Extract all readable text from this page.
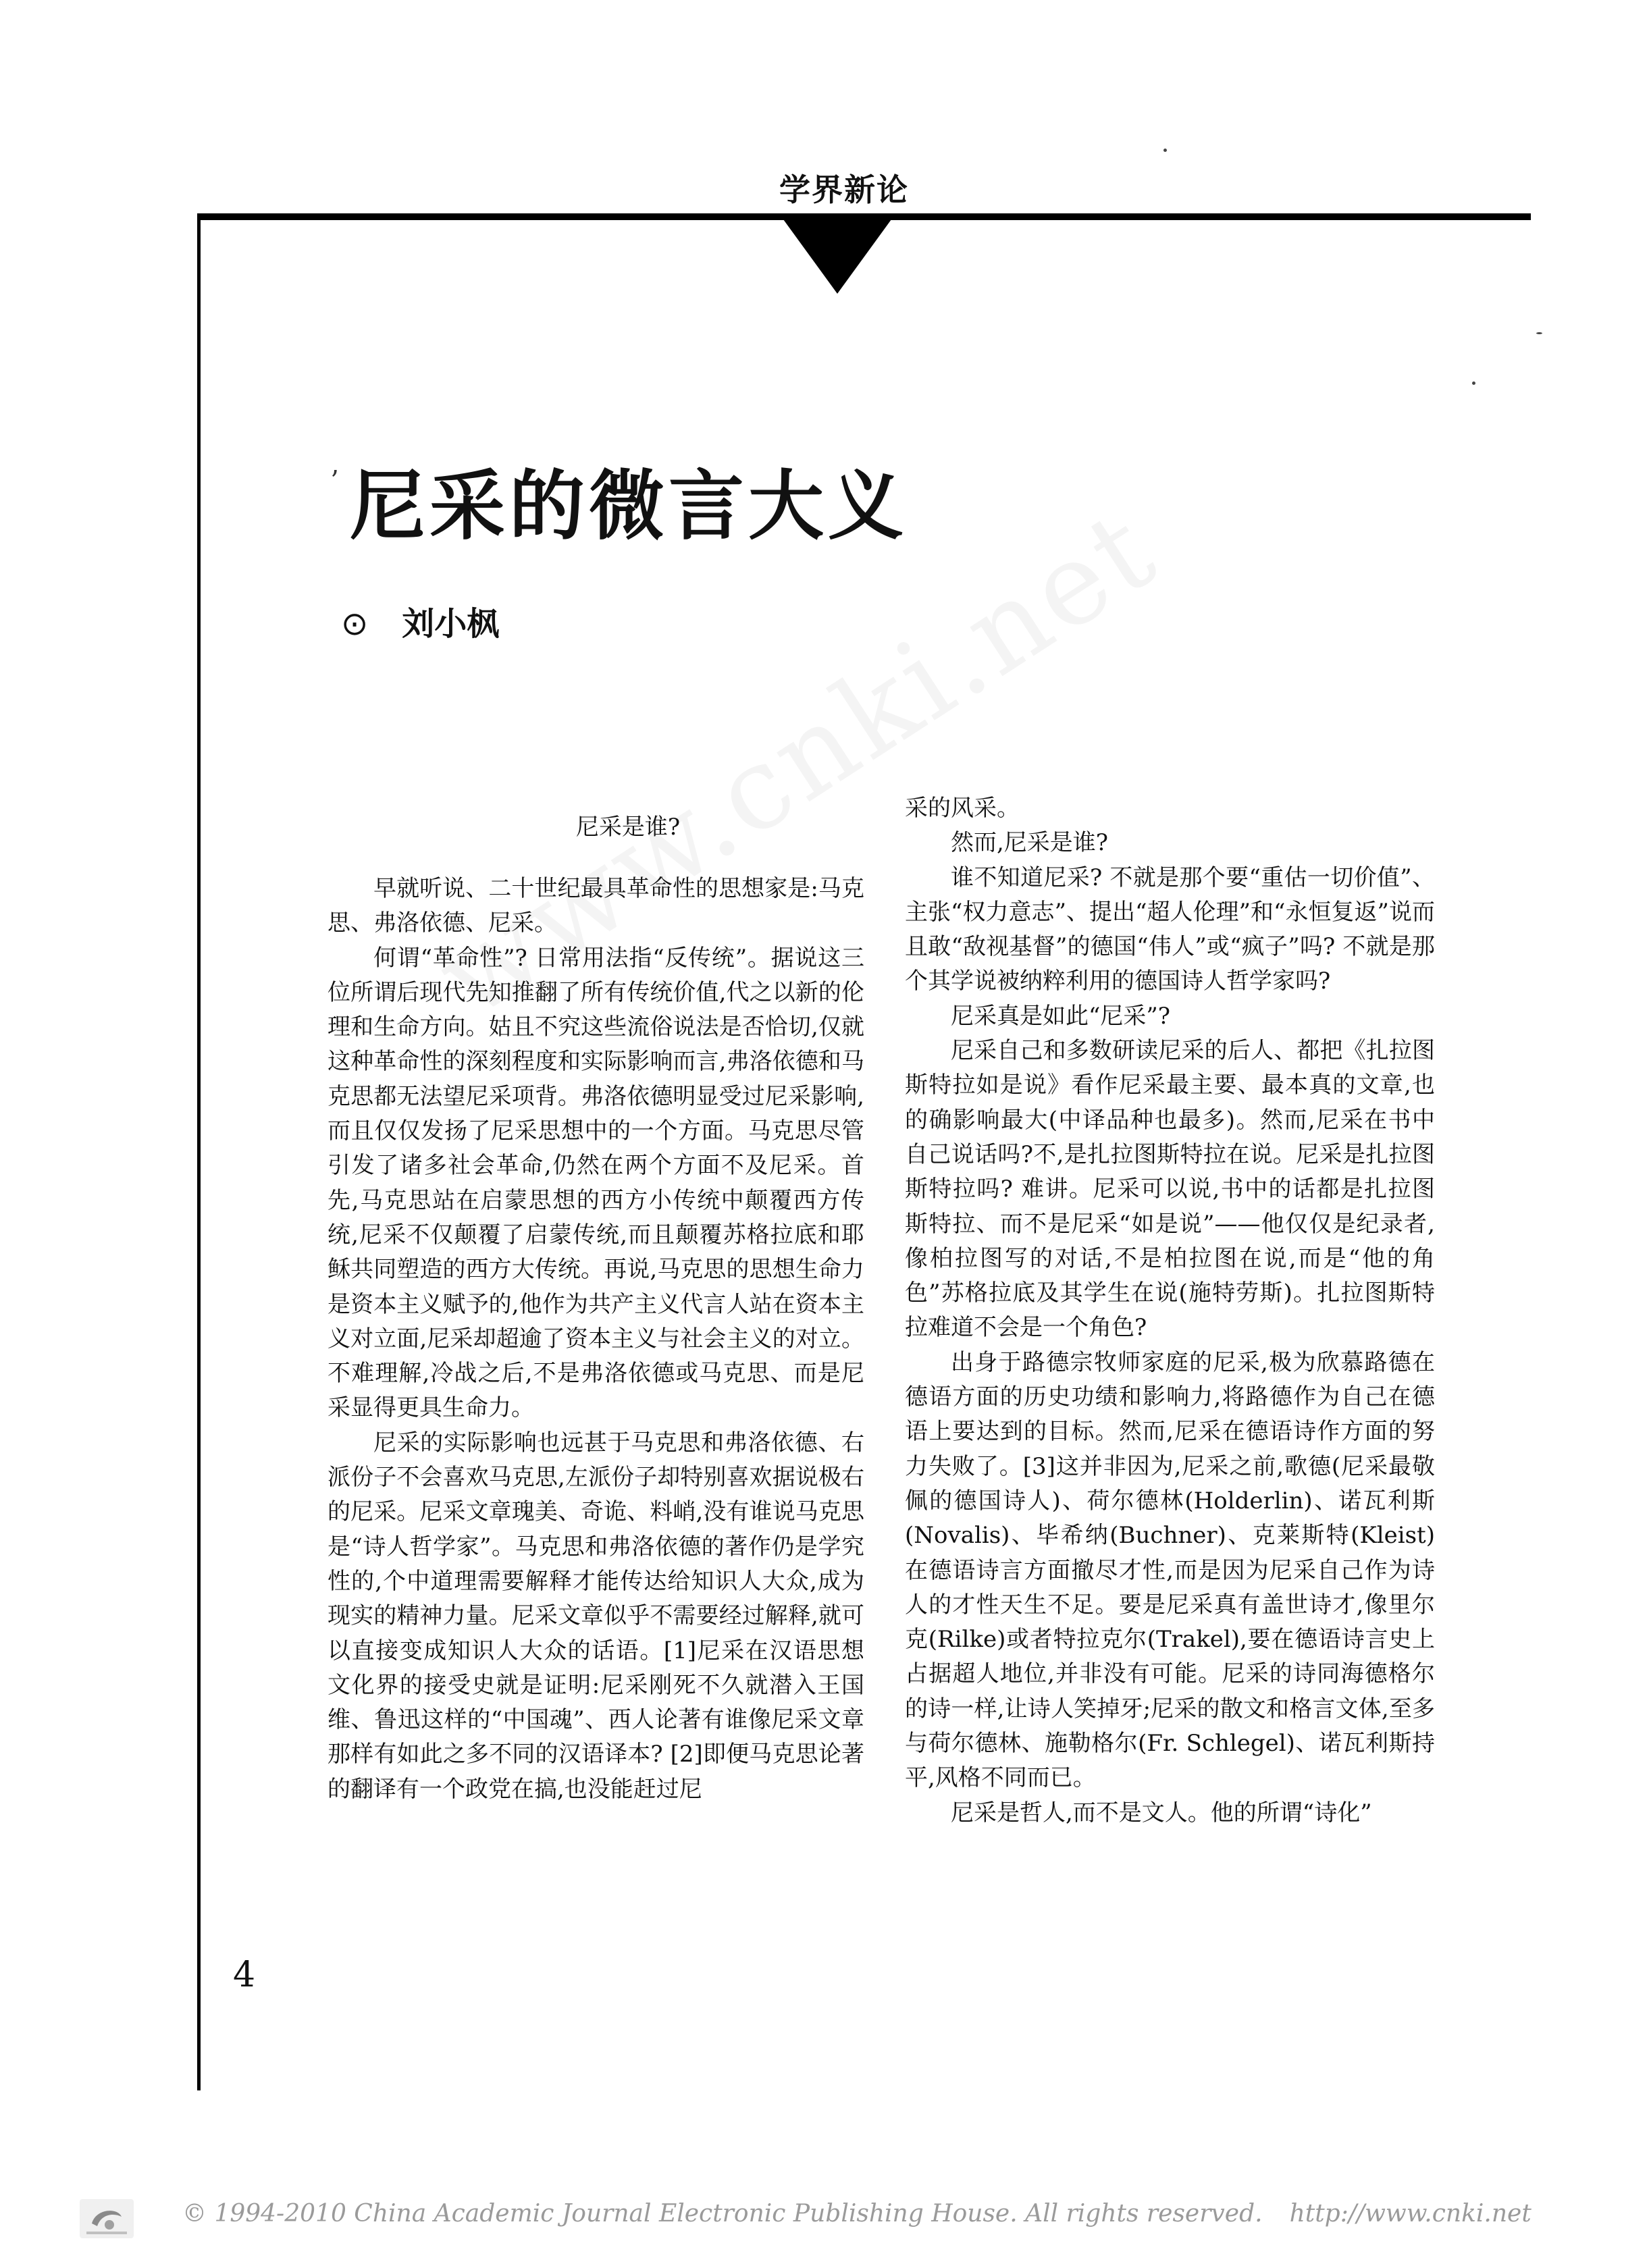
学界新论
ʼ 尼采的微言大义
⊙ 刘小枫
尼采是谁?

早就听说、二十世纪最具革命性的思想家是:马克思、弗洛依德、尼采。

何谓“革命性”? 日常用法指“反传统”。据说这三位所谓后现代先知推翻了所有传统价值,代之以新的伦理和生命方向。姑且不究这些流俗说法是否恰切,仅就这种革命性的深刻程度和实际影响而言,弗洛依德和马克思都无法望尼采项背。弗洛依德明显受过尼采影响,而且仅仅发扬了尼采思想中的一个方面。马克思尽管引发了诸多社会革命,仍然在两个方面不及尼采。首先,马克思站在启蒙思想的西方小传统中颠覆西方传统,尼采不仅颠覆了启蒙传统,而且颠覆苏格拉底和耶稣共同塑造的西方大传统。再说,马克思的思想生命力是资本主义赋予的,他作为共产主义代言人站在资本主义对立面,尼采却超逾了资本主义与社会主义的对立。不难理解,冷战之后,不是弗洛依德或马克思、而是尼采显得更具生命力。

尼采的实际影响也远甚于马克思和弗洛依德、右派份子不会喜欢马克思,左派份子却特别喜欢据说极右的尼采。尼采文章瑰美、奇诡、料峭,没有谁说马克思是“诗人哲学家”。马克思和弗洛依德的著作仍是学究性的,个中道理需要解释才能传达给知识人大众,成为现实的精神力量。尼采文章似乎不需要经过解释,就可以直接变成知识人大众的话语。[1]尼采在汉语思想文化界的接受史就是证明:尼采刚死不久就潜入王国维、鲁迅这样的“中国魂”、西人论著有谁像尼采文章那样有如此之多不同的汉语译本? [2]即便马克思论著的翻译有一个政党在搞,也没能赶过尼

采的风采。

然而,尼采是谁?

谁不知道尼采? 不就是那个要“重估一切价值”、主张“权力意志”、提出“超人伦理”和“永恒复返”说而且敢“敌视基督”的德国“伟人”或“疯子”吗? 不就是那个其学说被纳粹利用的德国诗人哲学家吗?

尼采真是如此“尼采”?

尼采自己和多数研读尼采的后人、都把《扎拉图斯特拉如是说》看作尼采最主要、最本真的文章,也的确影响最大(中译品种也最多)。然而,尼采在书中自己说话吗?不,是扎拉图斯特拉在说。尼采是扎拉图斯特拉吗? 难讲。尼采可以说,书中的话都是扎拉图斯特拉、而不是尼采“如是说”——他仅仅是纪录者,像柏拉图写的对话,不是柏拉图在说,而是“他的角色”苏格拉底及其学生在说(施特劳斯)。扎拉图斯特拉难道不会是一个角色?

出身于路德宗牧师家庭的尼采,极为欣慕路德在德语方面的历史功绩和影响力,将路德作为自己在德语上要达到的目标。然而,尼采在德语诗作方面的努力失败了。[3]这并非因为,尼采之前,歌德(尼采最敬佩的德国诗人)、荷尔德林(Holderlin)、诺瓦利斯(Novalis)、毕希纳(Buchner)、克莱斯特(Kleist)在德语诗言方面撤尽才性,而是因为尼采自己作为诗人的才性天生不足。要是尼采真有盖世诗才,像里尔克(Rilke)或者特拉克尔(Trakel),要在德语诗言史上占据超人地位,并非没有可能。尼采的诗同海德格尔的诗一样,让诗人笑掉牙;尼采的散文和格言文体,至多与荷尔德林、施勒格尔(Fr. Schlegel)、诺瓦利斯持平,风格不同而已。

尼采是哲人,而不是文人。他的所谓“诗化”

4
© 1994-2010 China Academic Journal Electronic Publishing House. All rights reserved. http://www.cnki.net
